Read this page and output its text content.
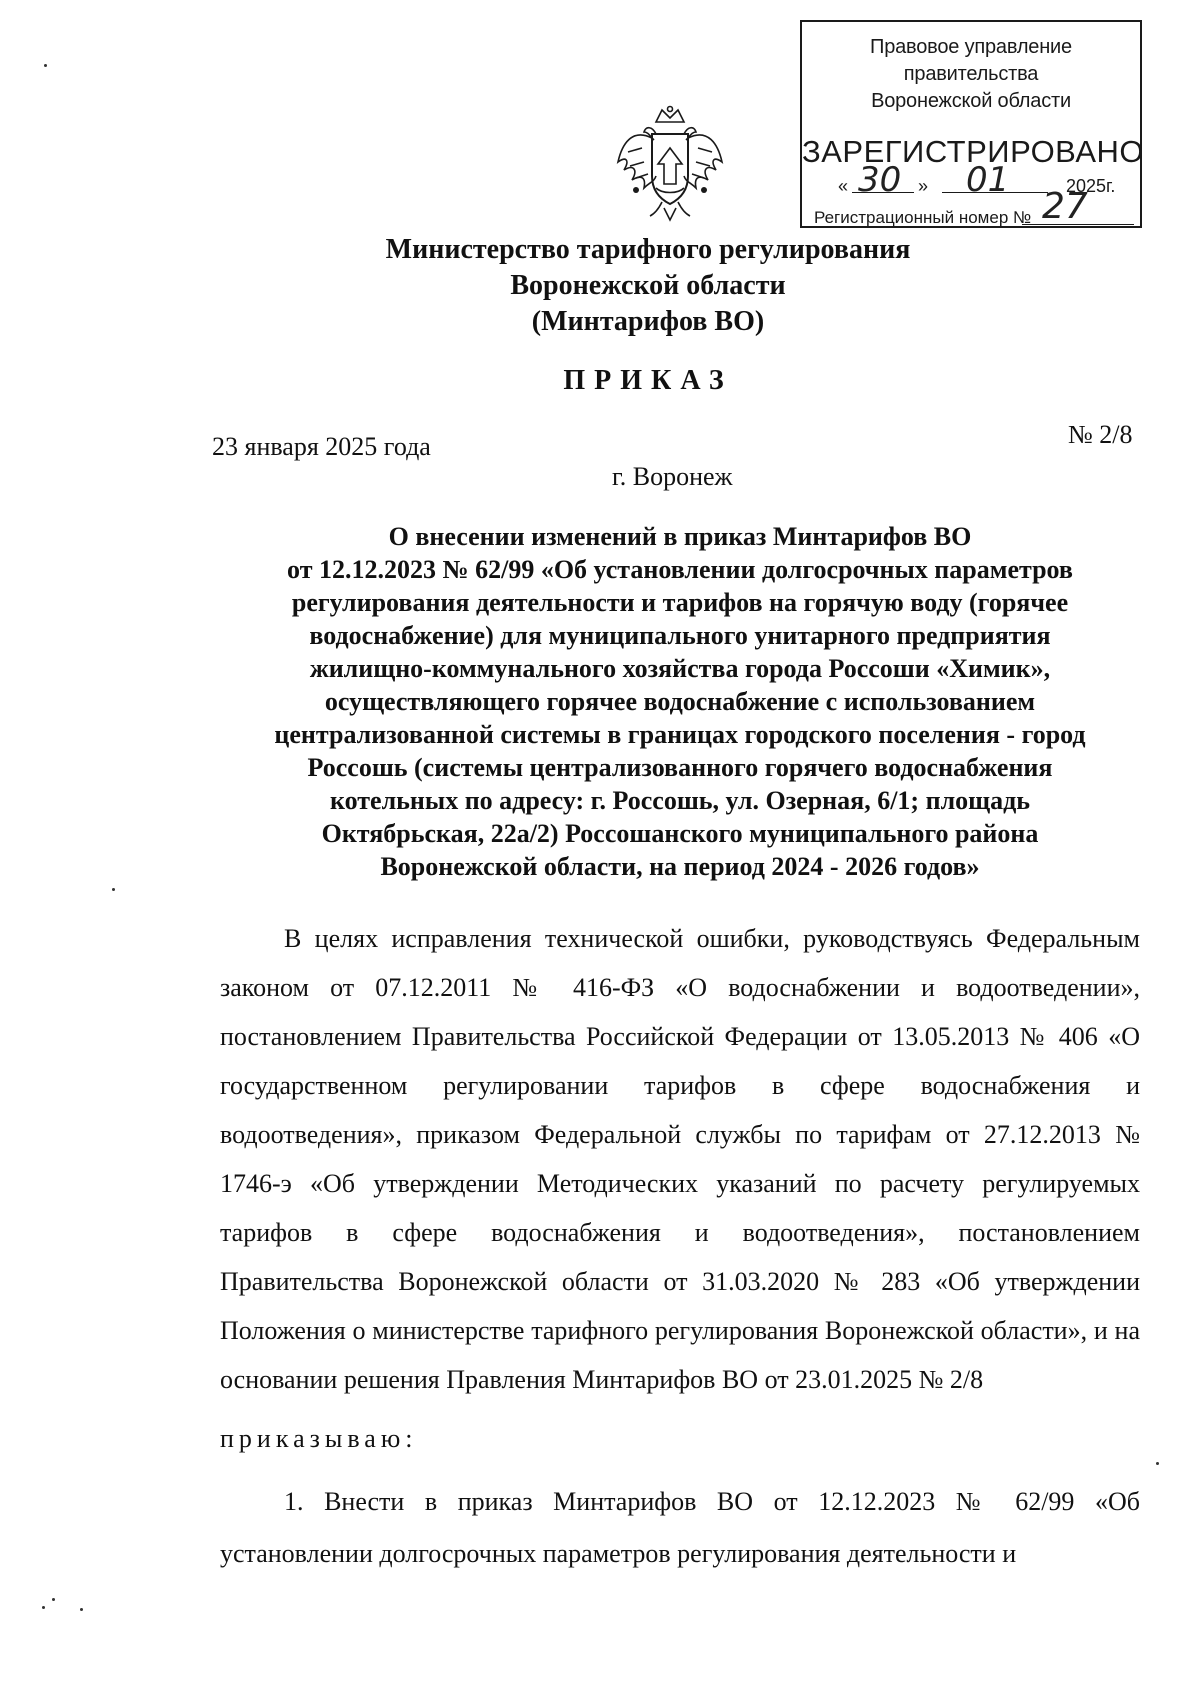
Правовое управление правительства
Воронежской области
ЗАРЕГИСТРИРОВАНО
« 30 » 01	2025г.
Регистрационный номер № 27
Министерство тарифного регулирования
Воронежской области
(Минтарифов ВО)
ПРИКАЗ
23 января 2025 года	№ 2/8
г. Воронеж
О внесении изменений в приказ Минтарифов ВО
от 12.12.2023 № 62/99 «Об установлении долгосрочных параметров
регулирования деятельности и тарифов на горячую воду (горячее
водоснабжение) для муниципального унитарного предприятия
жилищно-коммунального хозяйства города Россоши «Химик»,
осуществляющего горячее водоснабжение с использованием
централизованной системы в границах городского поселения - город
Россошь (системы централизованного горячего водоснабжения
котельных по адресу: г. Россошь, ул. Озерная, 6/1; площадь
Октябрьская, 22а/2) Россошанского муниципального района
Воронежской области, на период 2024 - 2026 годов»

В целях исправления технической ошибки, руководствуясь Федеральным законом от 07.12.2011 № 416-ФЗ «О водоснабжении и водоотведении», постановлением Правительства Российской Федерации от 13.05.2013 № 406 «О государственном регулировании тарифов в сфере водоснабжения и водоотведения», приказом Федеральной службы по тарифам от 27.12.2013 № 1746-э «Об утверждении Методических указаний по расчету регулируемых тарифов в сфере водоснабжения и водоотведения», постановлением Правительства Воронежской области от 31.03.2020 № 283 «Об утверждении Положения о министерстве тарифного регулирования Воронежской области», и на основании решения Правления Минтарифов ВО от 23.01.2025 № 2/8

приказываю:

1. Внести в приказ Минтарифов ВО от 12.12.2023 № 62/99 «Об установлении долгосрочных параметров регулирования деятельности и
